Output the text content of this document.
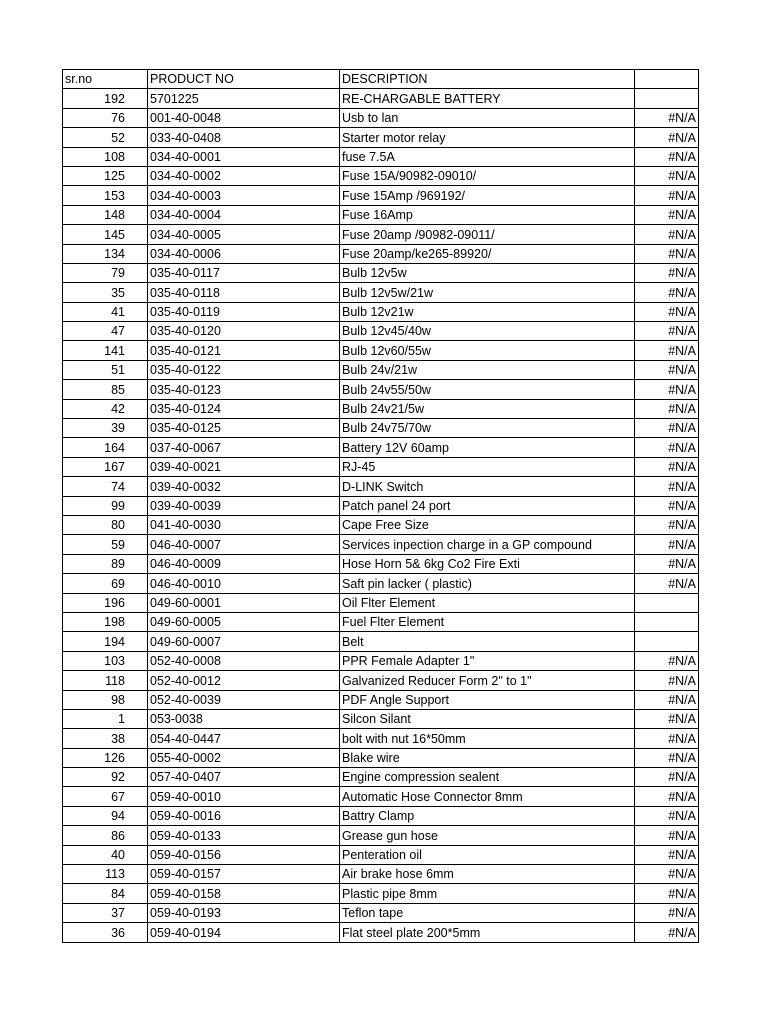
sr.no	PRODUCT NO	DESCRIPTION	
192	5701225	RE-CHARGABLE BATTERY	
76	001-40-0048	Usb to lan	#N/A
52	033-40-0408	Starter motor relay	#N/A
108	034-40-0001	fuse 7.5A	#N/A
125	034-40-0002	Fuse 15A/90982-09010/	#N/A
153	034-40-0003	Fuse 15Amp /969192/	#N/A
148	034-40-0004	Fuse 16Amp	#N/A
145	034-40-0005	Fuse 20amp /90982-09011/	#N/A
134	034-40-0006	Fuse 20amp/ke265-89920/	#N/A
79	035-40-0117	Bulb 12v5w	#N/A
35	035-40-0118	Bulb 12v5w/21w	#N/A
41	035-40-0119	Bulb 12v21w	#N/A
47	035-40-0120	Bulb 12v45/40w	#N/A
141	035-40-0121	Bulb 12v60/55w	#N/A
51	035-40-0122	Bulb 24v/21w	#N/A
85	035-40-0123	Bulb 24v55/50w	#N/A
42	035-40-0124	Bulb 24v21/5w	#N/A
39	035-40-0125	Bulb 24v75/70w	#N/A
164	037-40-0067	Battery 12V 60amp	#N/A
167	039-40-0021	RJ-45	#N/A
74	039-40-0032	D-LINK Switch	#N/A
99	039-40-0039	Patch panel 24 port	#N/A
80	041-40-0030	Cape Free Size	#N/A
59	046-40-0007	Services inpection charge in a GP compound	#N/A
89	046-40-0009	Hose Horn 5& 6kg Co2 Fire Exti	#N/A
69	046-40-0010	Saft pin lacker ( plastic)	#N/A
196	049-60-0001	Oil Flter Element	
198	049-60-0005	Fuel Flter Element	
194	049-60-0007	Belt	
103	052-40-0008	PPR Female Adapter 1"	#N/A
118	052-40-0012	Galvanized Reducer Form 2" to 1"	#N/A
98	052-40-0039	PDF Angle Support	#N/A
1	053-0038	Silcon Silant	#N/A
38	054-40-0447	bolt with nut 16*50mm	#N/A
126	055-40-0002	Blake wire	#N/A
92	057-40-0407	Engine compression sealent	#N/A
67	059-40-0010	Automatic Hose Connector 8mm	#N/A
94	059-40-0016	Battry Clamp	#N/A
86	059-40-0133	Grease gun hose	#N/A
40	059-40-0156	Penteration oil	#N/A
113	059-40-0157	Air brake hose 6mm	#N/A
84	059-40-0158	Plastic pipe 8mm	#N/A
37	059-40-0193	Teflon tape	#N/A
36	059-40-0194	Flat steel plate 200*5mm	#N/A
